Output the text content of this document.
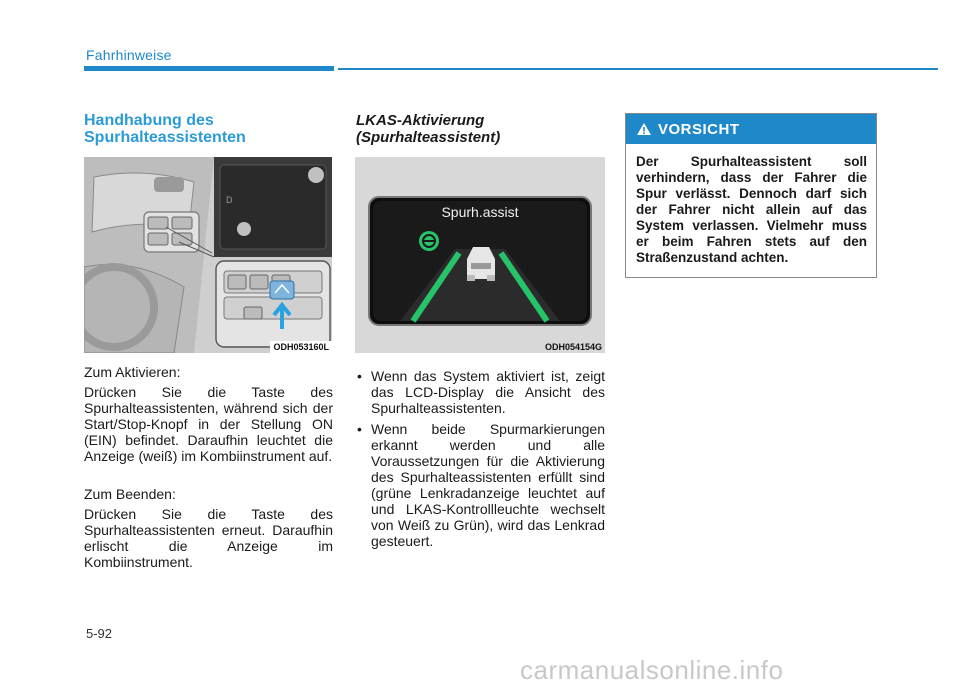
Fahrhinweise
Handhabung des
Spurhalteassistenten
D
ODH053160L
Zum Aktivieren:
Drücken Sie die Taste des Spurhalteassistenten, während sich der Start/Stop-Knopf in der Stellung ON (EIN) befindet. Daraufhin leuchtet die Anzeige (weiß) im Kombiinstrument auf.
Zum Beenden:
Drücken Sie die Taste des Spurhalteassistenten erneut. Daraufhin erlischt die Anzeige im Kombiinstrument.
LKAS-Aktivierung
(Spurhalteassistent)
Spurh.assist
ODH054154G
• Wenn das System aktiviert ist, zeigt das LCD-Display die Ansicht des Spurhalteassistenten.
• Wenn beide Spurmarkierungen erkannt werden und alle Voraussetzungen für die Aktivierung des Spurhalteassistenten erfüllt sind (grüne Lenkradanzeige leuchtet auf und LKAS-Kontrollleuchte wechselt von Weiß zu Grün), wird das Lenkrad gesteuert.
VORSICHT
Der Spurhalteassistent soll verhindern, dass der Fahrer die Spur verlässt. Dennoch darf sich der Fahrer nicht allein auf das System verlassen. Vielmehr muss er beim Fahren stets auf den Straßenzustand achten.
5-92
carmanualsonline.info
